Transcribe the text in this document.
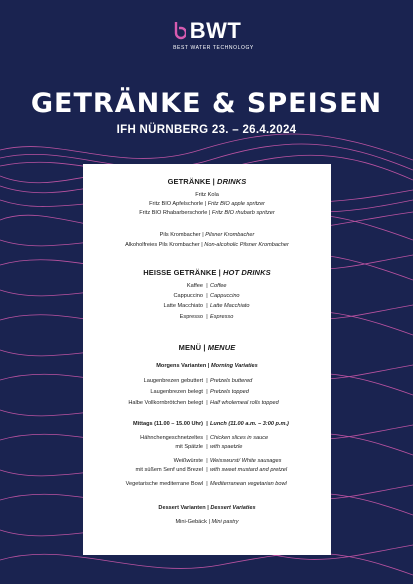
BWT
BEST WATER TECHNOLOGY
GETRÄNKE & SPEISEN
IFH NÜRNBERG 23. – 26.4.2024
GETRÄNKE | DRINKS
Fritz Kola
Fritz BIO Apfelschorle | Fritz BIO apple spritzer
Fritz BIO Rhabarberschorle | Fritz BIO rhubarb spritzer
Pils Krombacher | Pilsner Krombacher
Alkoholfreies Pils Krombacher | Non-alcoholic Pilsner Krombacher
HEISSE GETRÄNKE | HOT DRINKS
Kaffee | Coffee
Cappuccino | Cappuccino
Latte Macchiato | Latte Macchiato
Espresso | Espresso
MENÜ | MENUE
Morgens Varianten | Morning Variaties
Laugenbrezen gebuttert | Pretzels buttered
Laugenbrezen belegt | Pretzels topped
Halbe Vollkornbrötchen belegt | Half wholemeal rolls topped
Mittags (11.00 – 15.00 Uhr) | Lunch (11.00 a.m. – 3:00 p.m.)
Hähnchengeschnetzeltes | Chicken slices in sauce
mit Spätzle | with spaetzle
Weißwürste | Weisswurst/ White sausages
mit süßem Senf und Brezel | with sweet mustard and pretzel
Vegetarische mediterrane Bowl | Mediterranean vegetarian bowl
Dessert Varianten | Dessert Variaties
Mini-Gebäck | Mini pastry
